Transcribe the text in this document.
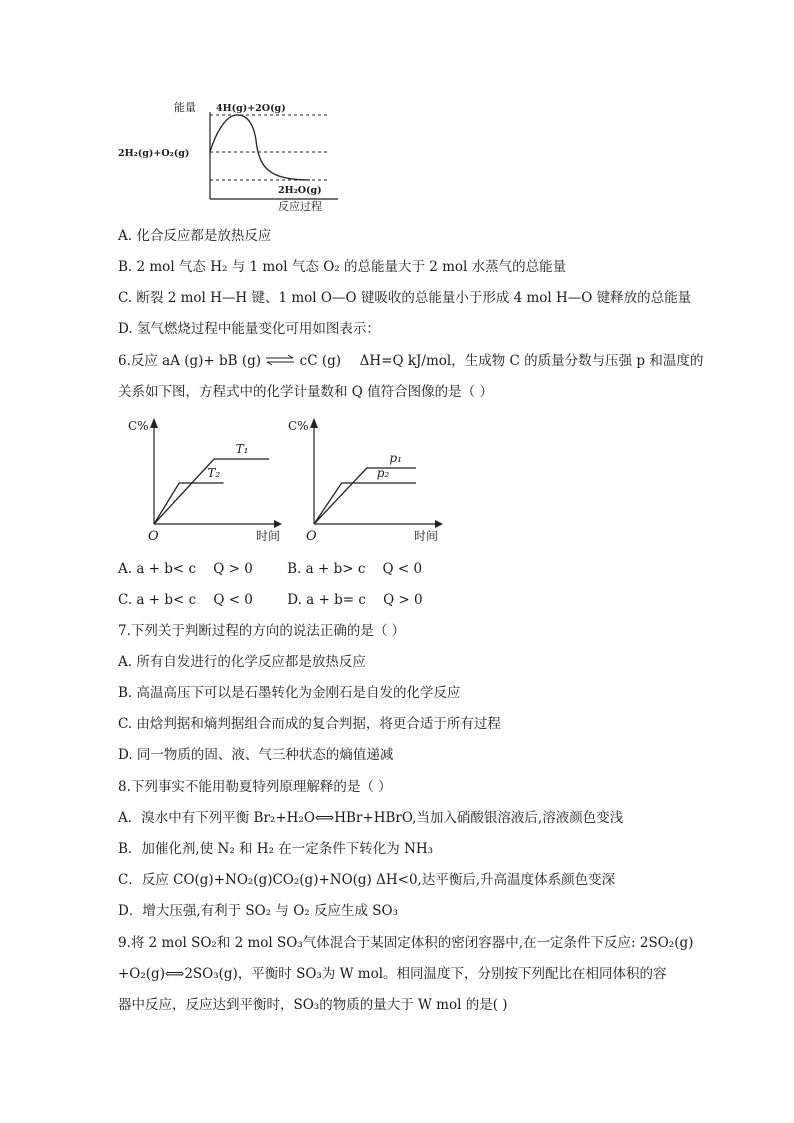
能量 4H(g)+2O(g)
2H₂(g)+O₂(g)
2H₂O(g)
反应过程
A. 化合反应都是放热反应
B. 2 mol 气态 H₂ 与 1 mol 气态 O₂ 的总能量大于 2 mol 水蒸气的总能量
C. 断裂 2 mol H—H 键、1 mol O—O 键吸收的总能量小于形成 4 mol H—O 键释放的总能量
D. 氢气燃烧过程中能量变化可用如图表示：
6.反应 aA (g)+ bB (g) ⇌ cC (g) ΔH=Q kJ/mol，生成物 C 的质量分数与压强 p 和温度的
关系如下图，方程式中的化学计量数和 Q 值符合图像的是（ ）
C%
O	时间
T₁
T₂
C%
O	时间
p₁
p₂
A. a + b< c    Q > 0        B. a + b> c    Q < 0
C. a + b< c    Q < 0        D. a + b= c    Q > 0
7.下列关于判断过程的方向的说法正确的是（ ）
A. 所有自发进行的化学反应都是放热反应
B. 高温高压下可以是石墨转化为金刚石是自发的化学反应
C. 由焓判据和熵判据组合而成的复合判据，将更合适于所有过程
D. 同一物质的固、液、气三种状态的熵值递减
8.下列事实不能用勒夏特列原理解释的是（ ）
A．溴水中有下列平衡 Br₂+H₂O⟺HBr+HBrO,当加入硝酸银溶液后,溶液颜色变浅
B．加催化剂,使 N₂ 和 H₂ 在一定条件下转化为 NH₃
C．反应 CO(g)+NO₂(g)CO₂(g)+NO(g) ΔH<0,达平衡后,升高温度体系颜色变深
D．增大压强,有利于 SO₂ 与 O₂ 反应生成 SO₃
9.将 2 mol SO₂和 2 mol SO₃气体混合于某固定体积的密闭容器中,在一定条件下反应: 2SO₂(g)
+O₂(g)⟺2SO₃(g)，平衡时 SO₃为 W mol。相同温度下，分别按下列配比在相同体积的容
器中反应，反应达到平衡时，SO₃的物质的量大于 W mol 的是( )
